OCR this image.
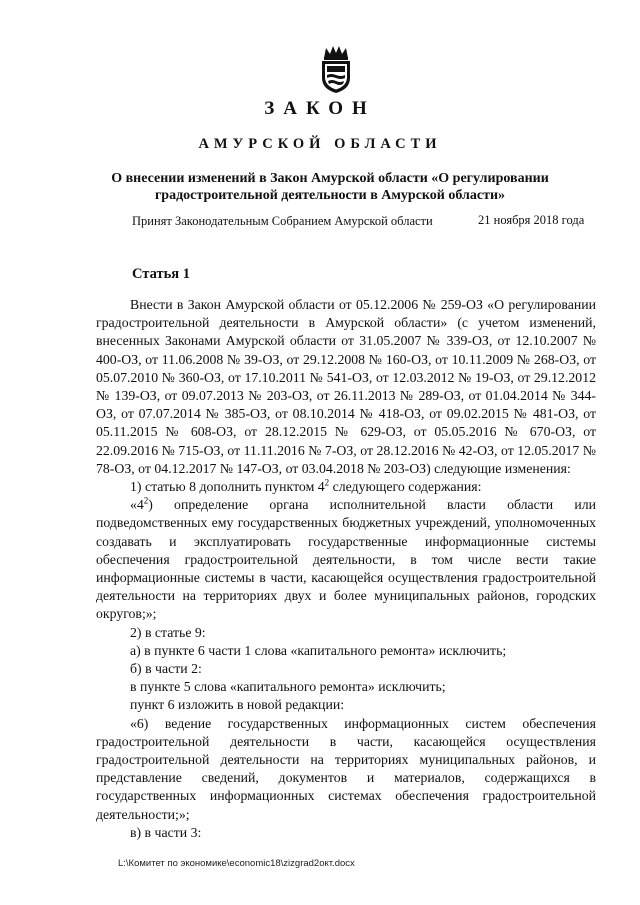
ЗАКОН
АМУРСКОЙ ОБЛАСТИ
О внесении изменений в Закон Амурской области «О регулировании градостроительной деятельности в Амурской области»
Принят Законодательным Собранием Амурской области	21 ноября 2018 года
Статья 1

Внести в Закон Амурской области от 05.12.2006 № 259-ОЗ «О регулировании градостроительной деятельности в Амурской области» (с учетом изменений, внесенных Законами Амурской области от 31.05.2007 № 339-ОЗ, от 12.10.2007 № 400-ОЗ, от 11.06.2008 № 39-ОЗ, от 29.12.2008 № 160-ОЗ, от 10.11.2009 № 268-ОЗ, от 05.07.2010 № 360-ОЗ, от 17.10.2011 № 541-ОЗ, от 12.03.2012 № 19-ОЗ, от 29.12.2012 № 139-ОЗ, от 09.07.2013 № 203-ОЗ, от 26.11.2013 № 289-ОЗ, от 01.04.2014 № 344-ОЗ, от 07.07.2014 № 385-ОЗ, от 08.10.2014 № 418-ОЗ, от 09.02.2015 № 481-ОЗ, от 05.11.2015 № 608-ОЗ, от 28.12.2015 № 629-ОЗ, от 05.05.2016 № 670-ОЗ, от 22.09.2016 № 715-ОЗ, от 11.11.2016 № 7-ОЗ, от 28.12.2016 № 42-ОЗ, от 12.05.2017 № 78-ОЗ, от 04.12.2017 № 147-ОЗ, от 03.04.2018 № 203-ОЗ) следующие изменения:

1) статью 8 дополнить пунктом $4^2$ следующего содержания:

«$4^2$) определение органа исполнительной власти области или подведомственных ему государственных бюджетных учреждений, уполномоченных создавать и эксплуатировать государственные информационные системы обеспечения градостроительной деятельности, в том числе вести такие информационные системы в части, касающейся осуществления градостроительной деятельности на территориях двух и более муниципальных районов, городских округов;»;

2) в статье 9:

а) в пункте 6 части 1 слова «капитального ремонта» исключить;

б) в части 2:

в пункте 5 слова «капитального ремонта» исключить;

пункт 6 изложить в новой редакции:

«6) ведение государственных информационных систем обеспечения градостроительной деятельности в части, касающейся осуществления градостроительной деятельности на территориях муниципальных районов, и представление сведений, документов и материалов, содержащихся в государственных информационных системах обеспечения градостроительной деятельности;»;

в) в части 3:

L:\Комитет по экономике\economic18\zizgrad2окт.docx
